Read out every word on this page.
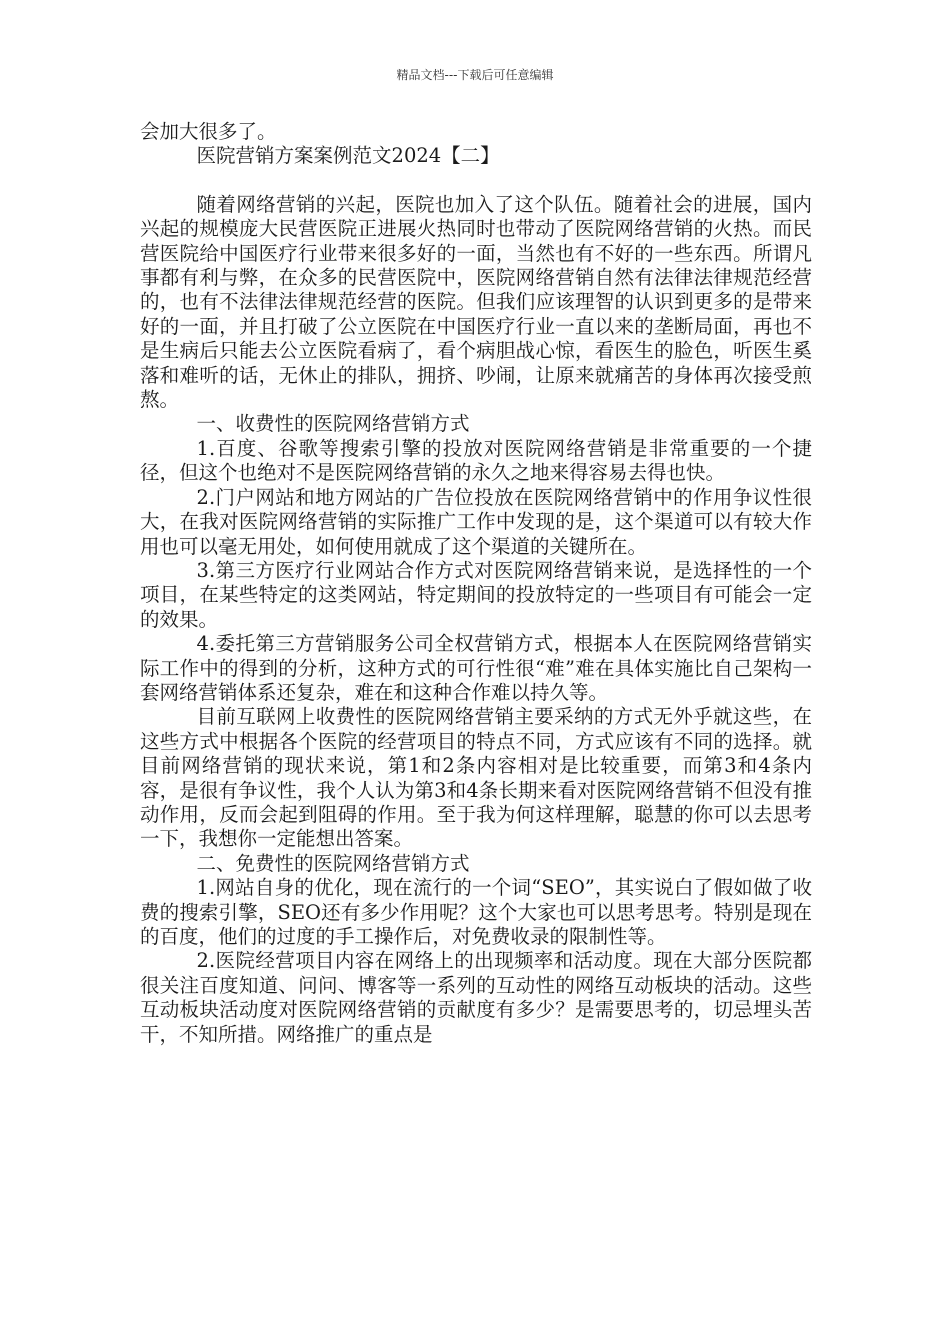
精品文档---下载后可任意编辑

会加大很多了。

医院营销方案案例范文2024【二】

随着网络营销的兴起，医院也加入了这个队伍。随着社会的进展，国内兴起的规模庞大民营医院正进展火热同时也带动了医院网络营销的火热。而民营医院给中国医疗行业带来很多好的一面，当然也有不好的一些东西。所谓凡事都有利与弊，在众多的民营医院中，医院网络营销自然有法律法律规范经营的，也有不法律法律规范经营的医院。但我们应该理智的认识到更多的是带来好的一面，并且打破了公立医院在中国医疗行业一直以来的垄断局面，再也不是生病后只能去公立医院看病了，看个病胆战心惊，看医生的脸色，听医生奚落和难听的话，无休止的排队，拥挤、吵闹，让原来就痛苦的身体再次接受煎熬。

一、收费性的医院网络营销方式

1.百度、谷歌等搜索引擎的投放对医院网络营销是非常重要的一个捷径，但这个也绝对不是医院网络营销的永久之地来得容易去得也快。

2.门户网站和地方网站的广告位投放在医院网络营销中的作用争议性很大，在我对医院网络营销的实际推广工作中发现的是，这个渠道可以有较大作用也可以毫无用处，如何使用就成了这个渠道的关键所在。

3.第三方医疗行业网站合作方式对医院网络营销来说，是选择性的一个项目，在某些特定的这类网站，特定期间的投放特定的一些项目有可能会一定的效果。

4.委托第三方营销服务公司全权营销方式，根据本人在医院网络营销实际工作中的得到的分析，这种方式的可行性很“难”难在具体实施比自己架构一套网络营销体系还复杂，难在和这种合作难以持久等。

目前互联网上收费性的医院网络营销主要采纳的方式无外乎就这些，在这些方式中根据各个医院的经营项目的特点不同，方式应该有不同的选择。就目前网络营销的现状来说，第1和2条内容相对是比较重要，而第3和4条内容，是很有争议性，我个人认为第3和4条长期来看对医院网络营销不但没有推动作用，反而会起到阻碍的作用。至于我为何这样理解，聪慧的你可以去思考一下，我想你一定能想出答案。

二、免费性的医院网络营销方式

1.网站自身的优化，现在流行的一个词“SEO”，其实说白了假如做了收费的搜索引擎，SEO还有多少作用呢？这个大家也可以思考思考。特别是现在的百度，他们的过度的手工操作后，对免费收录的限制性等。

2.医院经营项目内容在网络上的出现频率和活动度。现在大部分医院都很关注百度知道、问问、博客等一系列的互动性的网络互动板块的活动。这些互动板块活动度对医院网络营销的贡献度有多少？是需要思考的，切忌埋头苦干，不知所措。网络推广的重点是
